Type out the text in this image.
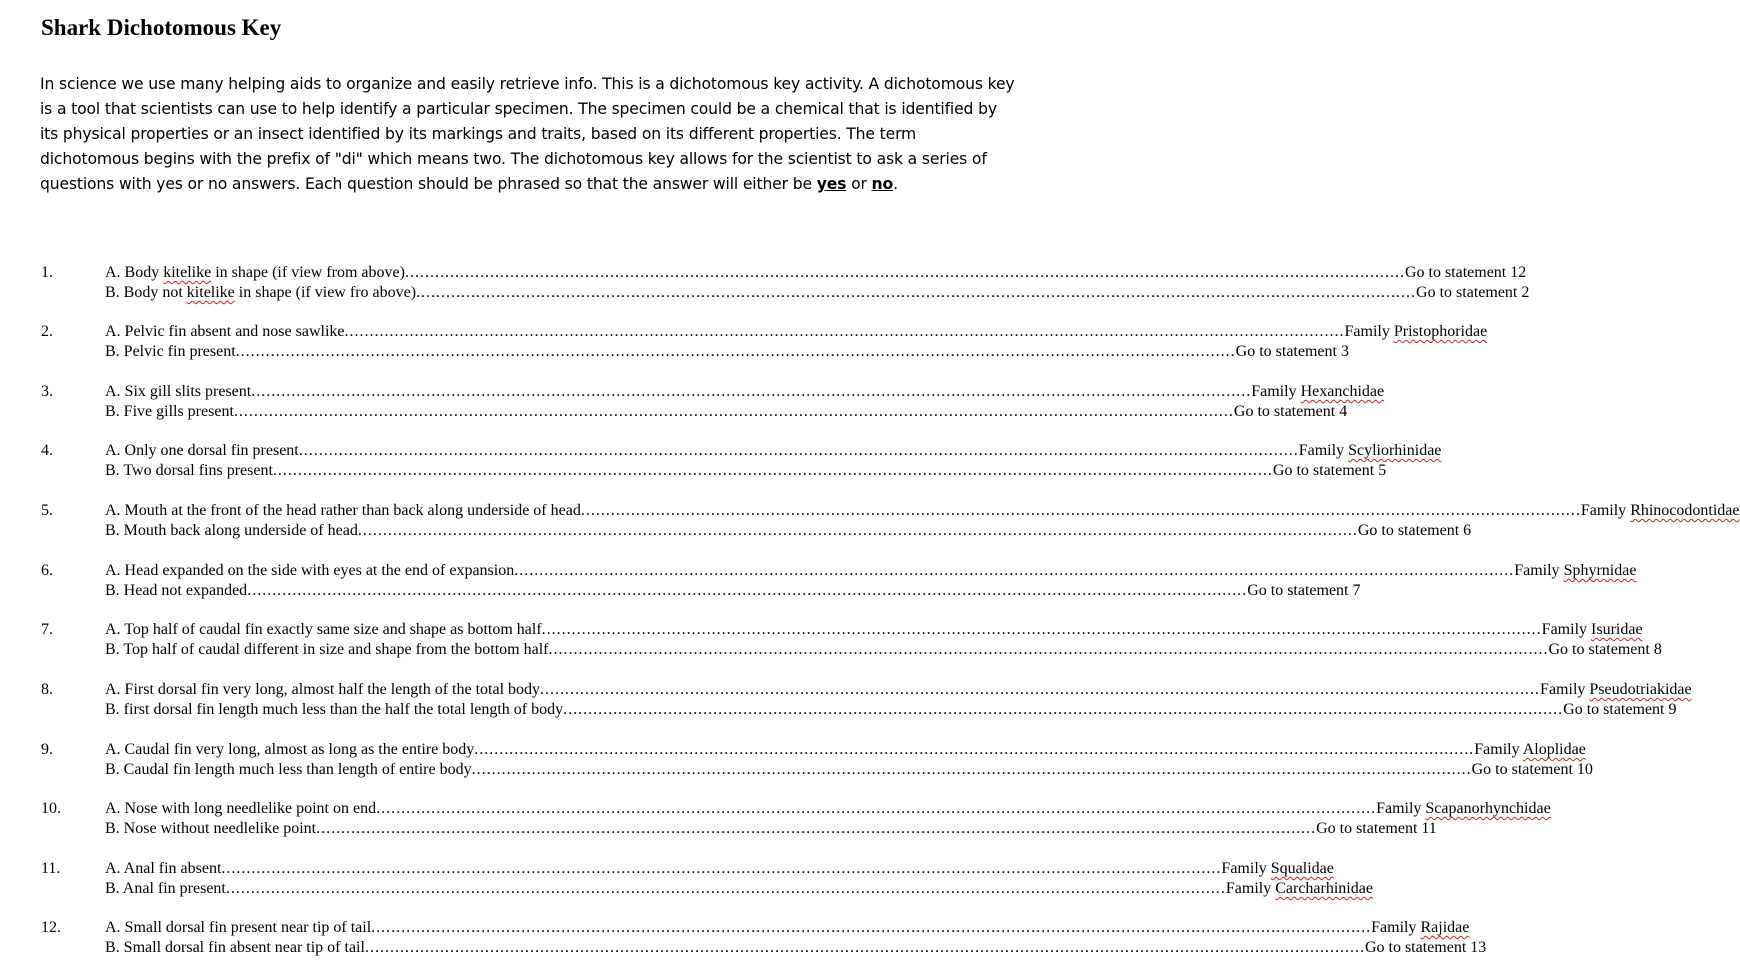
Shark Dichotomous Key

In science we use many helping aids to organize and easily retrieve info. This is a dichotomous key activity. A dichotomous key is a tool that scientists can use to help identify a particular specimen. The specimen could be a chemical that is identified by its physical properties or an insect identified by its markings and traits, based on its different properties. The term dichotomous begins with the prefix of "di" which means two. The dichotomous key allows for the scientist to ask a series of questions with yes or no answers. Each question should be phrased so that the answer will either be yes or no.

1.	A. Body kitelike in shape (if view from above) ........................................................................................................................................................................................................ Go to statement 12
B. Body not kitelike in shape (if view fro above) ........................................................................................................................................................................................................ Go to statement 2
2.	A. Pelvic fin absent and nose sawlike ........................................................................................................................................................................................................ Family Pristophoridae
B. Pelvic fin present ........................................................................................................................................................................................................ Go to statement 3
3.	A. Six gill slits present ........................................................................................................................................................................................................ Family Hexanchidae
B. Five gills present ........................................................................................................................................................................................................ Go to statement 4
4.	A. Only one dorsal fin present ........................................................................................................................................................................................................ Family Scyliorhinidae
B. Two dorsal fins present ........................................................................................................................................................................................................ Go to statement 5
5.	A. Mouth at the front of the head rather than back along underside of head ........................................................................................................................................................................................................ Family Rhinocodontidae
B. Mouth back along underside of head ........................................................................................................................................................................................................ Go to statement 6
6.	A. Head expanded on the side with eyes at the end of expansion ........................................................................................................................................................................................................ Family Sphyrnidae
B. Head not expanded ........................................................................................................................................................................................................ Go to statement 7
7.	A. Top half of caudal fin exactly same size and shape as bottom half ........................................................................................................................................................................................................ Family Isuridae
B. Top half of caudal different in size and shape from the bottom half ........................................................................................................................................................................................................ Go to statement 8
8.	A. First dorsal fin very long, almost half the length of the total body ........................................................................................................................................................................................................ Family Pseudotriakidae
B. first dorsal fin length much less than the half the total length of body ........................................................................................................................................................................................................ Go to statement 9
9.	A. Caudal fin very long, almost as long as the entire body ........................................................................................................................................................................................................ Family Aloplidae
B. Caudal fin length much less than length of entire body ........................................................................................................................................................................................................ Go to statement 10
10.	A. Nose with long needlelike point on end ........................................................................................................................................................................................................ Family Scapanorhynchidae
B. Nose without needlelike point ........................................................................................................................................................................................................ Go to statement 11
11.	A. Anal fin absent ........................................................................................................................................................................................................ Family Squalidae
B. Anal fin present ........................................................................................................................................................................................................ Family Carcharhinidae
12.	A. Small dorsal fin present near tip of tail ........................................................................................................................................................................................................ Family Rajidae
B. Small dorsal fin absent near tip of tail ........................................................................................................................................................................................................ Go to statement 13
